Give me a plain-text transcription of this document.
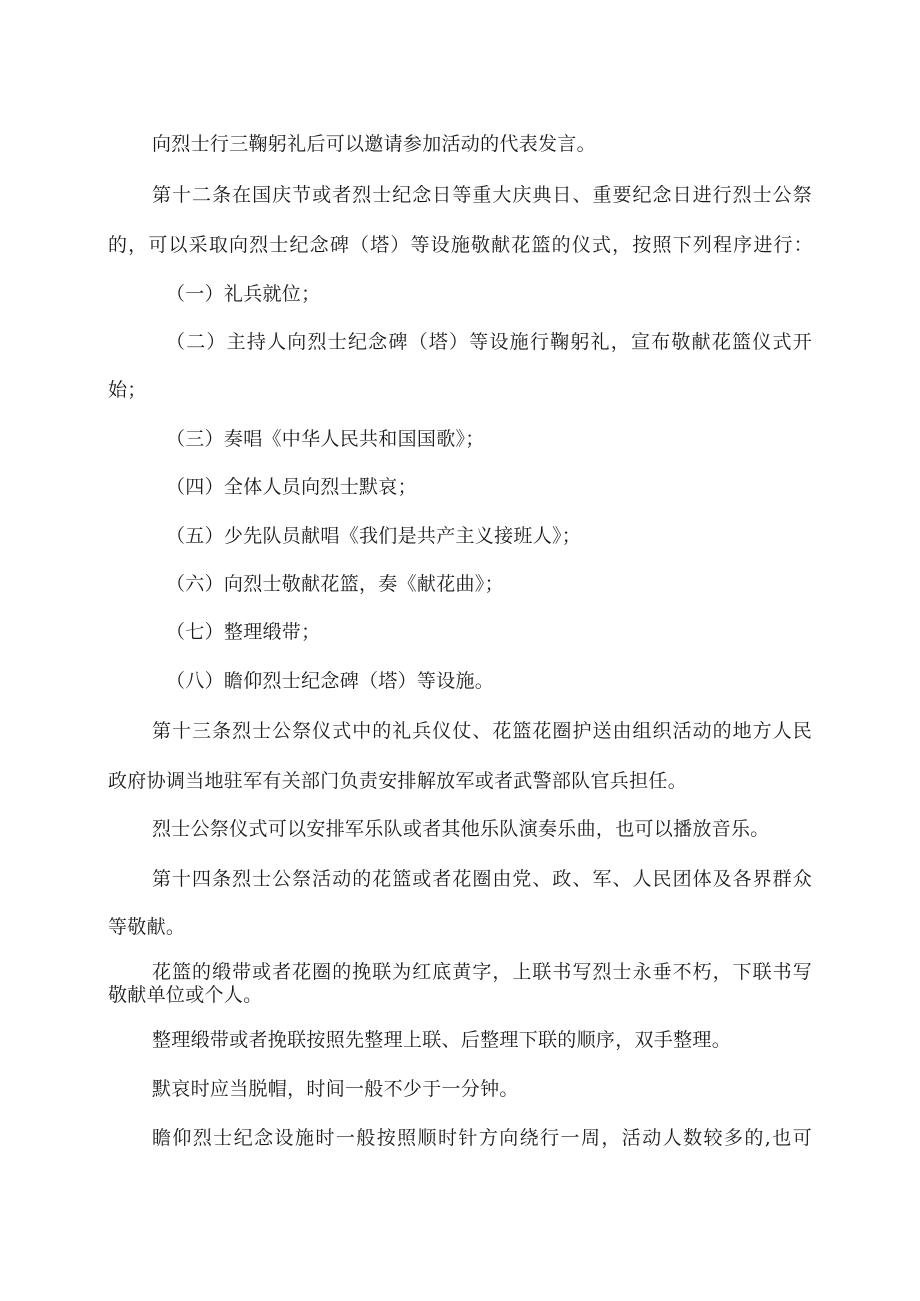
向烈士行三鞠躬礼后可以邀请参加活动的代表发言。
第十二条在国庆节或者烈士纪念日等重大庆典日、重要纪念日进行烈士公祭
的，可以采取向烈士纪念碑（塔）等设施敬献花篮的仪式，按照下列程序进行：
（一）礼兵就位；
（二）主持人向烈士纪念碑（塔）等设施行鞠躬礼，宣布敬献花篮仪式开
始；
（三）奏唱《中华人民共和国国歌》；
（四）全体人员向烈士默哀；
（五）少先队员献唱《我们是共产主义接班人》；
（六）向烈士敬献花篮，奏《献花曲》；
（七）整理缎带；
（八）瞻仰烈士纪念碑（塔）等设施。
第十三条烈士公祭仪式中的礼兵仪仗、花篮花圈护送由组织活动的地方人民
政府协调当地驻军有关部门负责安排解放军或者武警部队官兵担任。
烈士公祭仪式可以安排军乐队或者其他乐队演奏乐曲，也可以播放音乐。
第十四条烈士公祭活动的花篮或者花圈由党、政、军、人民团体及各界群众
等敬献。
花篮的缎带或者花圈的挽联为红底黄字，上联书写烈士永垂不朽，下联书写
敬献单位或个人。
整理缎带或者挽联按照先整理上联、后整理下联的顺序，双手整理。
默哀时应当脱帽，时间一般不少于一分钟。
瞻仰烈士纪念设施时一般按照顺时针方向绕行一周，活动人数较多的,也可
